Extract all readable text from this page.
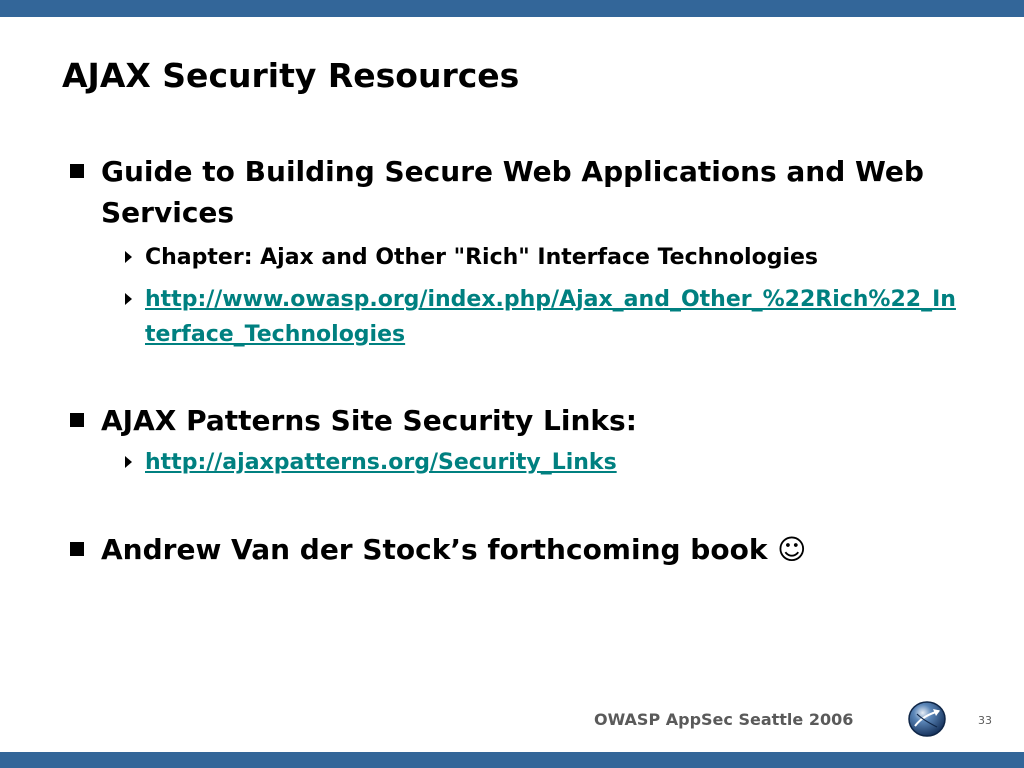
AJAX Security Resources
Guide to Building Secure Web Applications and Web Services
Chapter: Ajax and Other "Rich" Interface Technologies
http://www.owasp.org/index.php/Ajax_and_Other_%22Rich%22_Interface_Technologies
AJAX Patterns Site Security Links:
http://ajaxpatterns.org/Security_Links
Andrew Van der Stock’s forthcoming book ☺
OWASP AppSec Seattle 2006	33
